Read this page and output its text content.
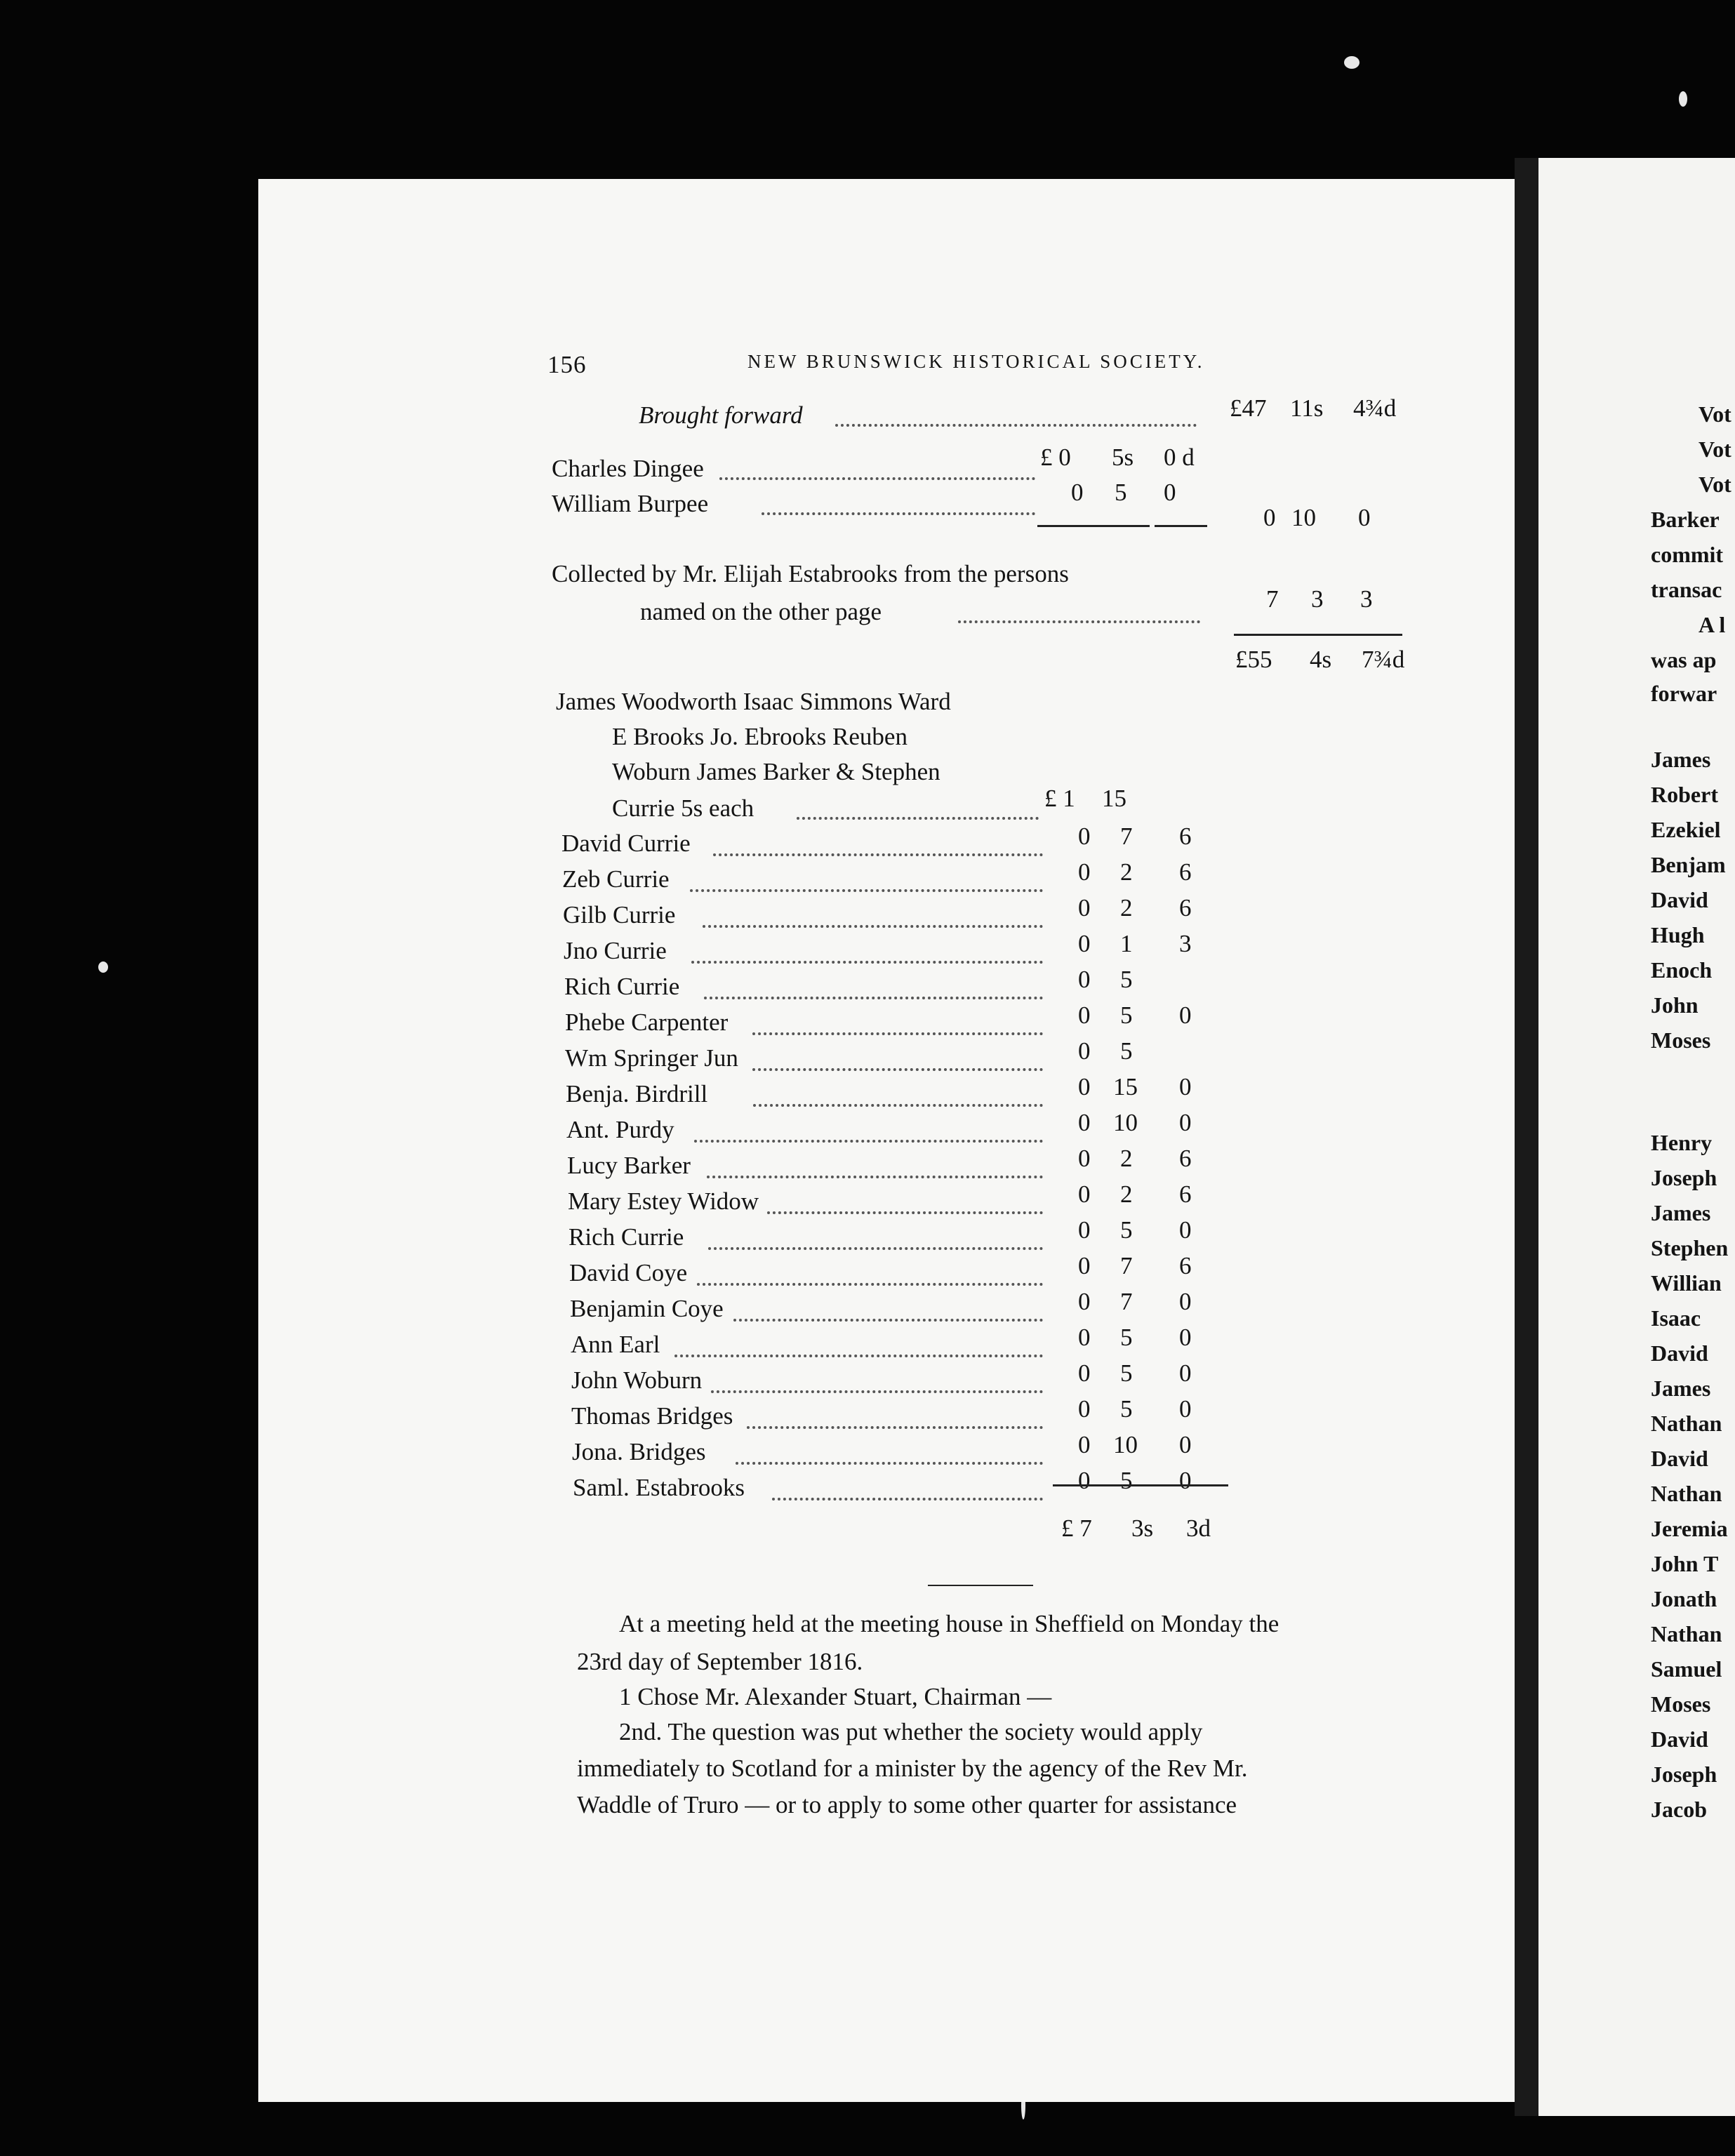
156	NEW BRUNSWICK HISTORICAL SOCIETY.
Brought forward	£47 11s 4¾d
Charles Dingee	£ 0 5s 0 d
William Burpee	0 5 0
0 10 0
Collected by Mr. Elijah Estabrooks from the persons
named on the other page	7 3 3
£55 4s 7¾d
James Woodworth Isaac Simmons Ward
E Brooks Jo. Ebrooks Reuben
Woburn James Barker & Stephen
Currie 5s each	£ 1 15
David Currie	0 7 6
Zeb Currie	0 2 6
Gilb Currie	0 2 6
Jno Currie	0 1 3
Rich Currie	0 5
Phebe Carpenter	0 5 0
Wm Springer Jun	0 5
Benja. Birdrill	0 15 0
Ant. Purdy	0 10 0
Lucy Barker	0 2 6
Mary Estey Widow	0 2 6
Rich Currie	0 5 0
David Coye	0 7 6
Benjamin Coye	0 7 0
Ann Earl	0 5 0
John Woburn	0 5 0
Thomas Bridges	0 5 0
Jona. Bridges	0 10 0
Saml. Estabrooks	0 5 0
£ 7 3s 3d
At a meeting held at the meeting house in Sheffield on Monday the
23rd day of September 1816.
1 Chose Mr. Alexander Stuart, Chairman —
2nd. The question was put whether the society would apply
immediately to Scotland for a minister by the agency of the Rev Mr.
Waddle of Truro — or to apply to some other quarter for assistance
Vot
Vot
Vot
Barker
commit
transac
A l
was ap
forwar
James
Robert
Ezekiel
Benjam
David
Hugh
Enoch
John
Moses
Henry
Joseph
James
Stephen
Willian
Isaac
David
James
Nathan
David
Nathan
Jeremia
John T
Jonath
Nathan
Samuel
Moses
David
Joseph
Jacob
